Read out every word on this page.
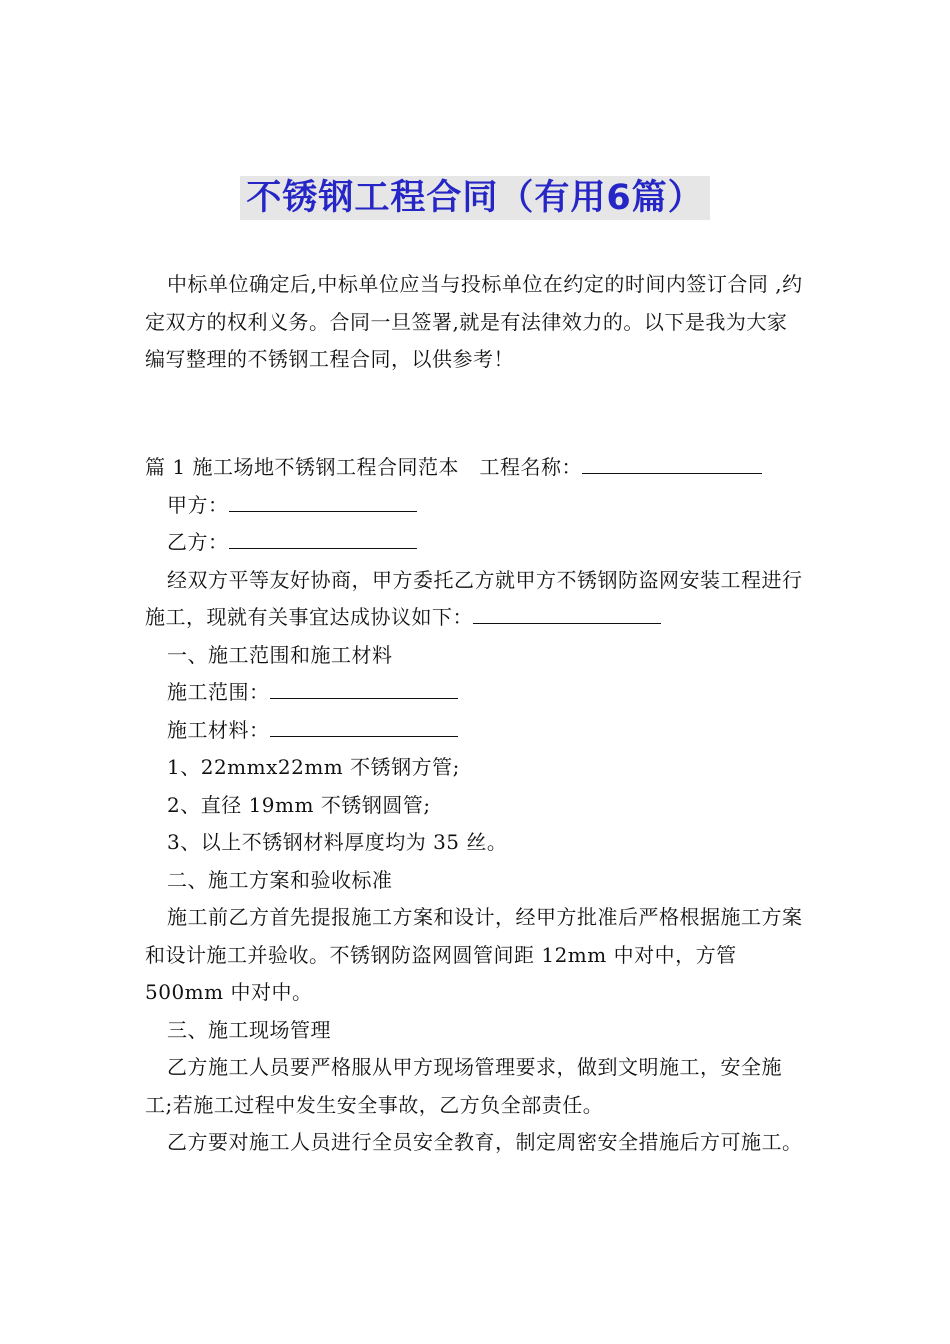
不锈钢工程合同（有用6篇）

中标单位确定后,中标单位应当与投标单位在约定的时间内签订合同 ,约定双方的权利义务。合同一旦签署,就是有法律效力的。以下是我为大家编写整理的不锈钢工程合同，以供参考！

篇 1 施工场地不锈钢工程合同范本　工程名称：

甲方：

乙方：

经双方平等友好协商，甲方委托乙方就甲方不锈钢防盗网安装工程进行施工，现就有关事宜达成协议如下：

一、施工范围和施工材料

施工范围：

施工材料：

1、22mmx22mm 不锈钢方管;

2、直径 19mm 不锈钢圆管;

3、以上不锈钢材料厚度均为 35 丝。

二、施工方案和验收标准

施工前乙方首先提报施工方案和设计，经甲方批准后严格根据施工方案和设计施工并验收。不锈钢防盗网圆管间距 12mm 中对中，方管 500mm 中对中。

三、施工现场管理

乙方施工人员要严格服从甲方现场管理要求，做到文明施工，安全施工;若施工过程中发生安全事故，乙方负全部责任。

乙方要对施工人员进行全员安全教育，制定周密安全措施后方可施工。
